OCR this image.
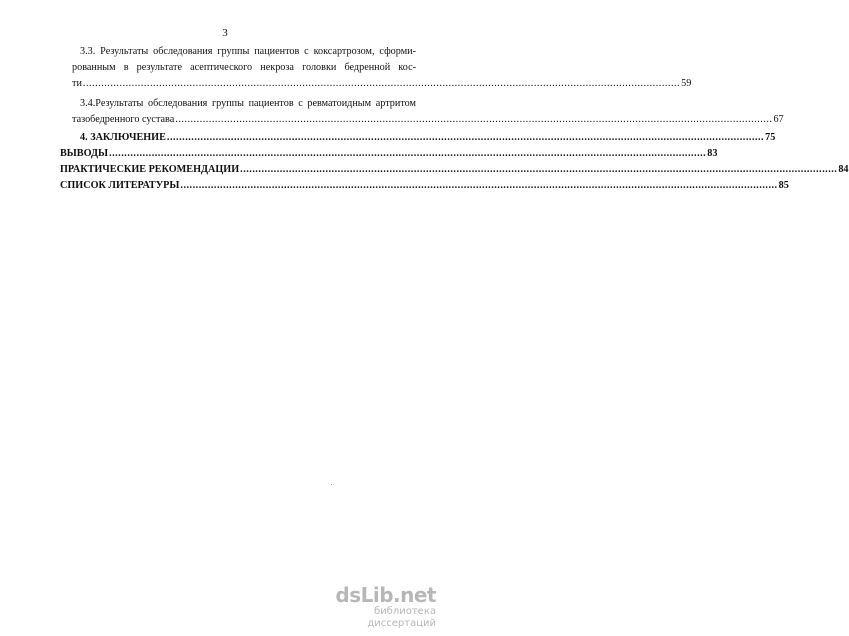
3
3.3. Результаты обследования группы пациентов с коксартрозом, сформи-
рованным в результате асептического некроза головки бедренной кос-
ти .................................................................................................................................................................................................... 59
3.4.Результаты обследования группы пациентов с ревматоидным артритом
тазобедренного сустава .................................................................................................................................................................................................... 67
4. ЗАКЛЮЧЕНИЕ .................................................................................................................................................................................................... 75
ВЫВОДЫ .................................................................................................................................................................................................... 83
ПРАКТИЧЕСКИЕ РЕКОМЕНДАЦИИ .................................................................................................................................................................................................... 84
СПИСОК ЛИТЕРАТУРЫ .................................................................................................................................................................................................... 85
dsLib.net
библиотека диссертаций
